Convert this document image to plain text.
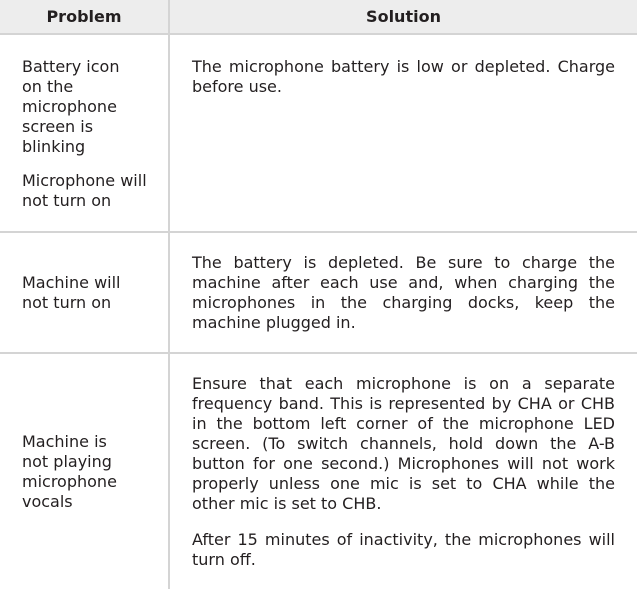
Problem	Solution

Battery icon on the microphone screen is blinking

Microphone will not turn on	The microphone battery is low or depleted. Charge before use.

Machine will not turn on	The battery is depleted. Be sure to charge the machine after each use and, when charging the microphones in the charging docks, keep the machine plugged in.

Machine is not playing microphone vocals	Ensure that each microphone is on a separate frequency band. This is represented by CHA or CHB in the bottom left corner of the microphone LED screen. (To switch channels, hold down the A-B button for one second.) Microphones will not work properly unless one mic is set to CHA while the other mic is set to CHB.

After 15 minutes of inactivity, the microphones will turn off.
